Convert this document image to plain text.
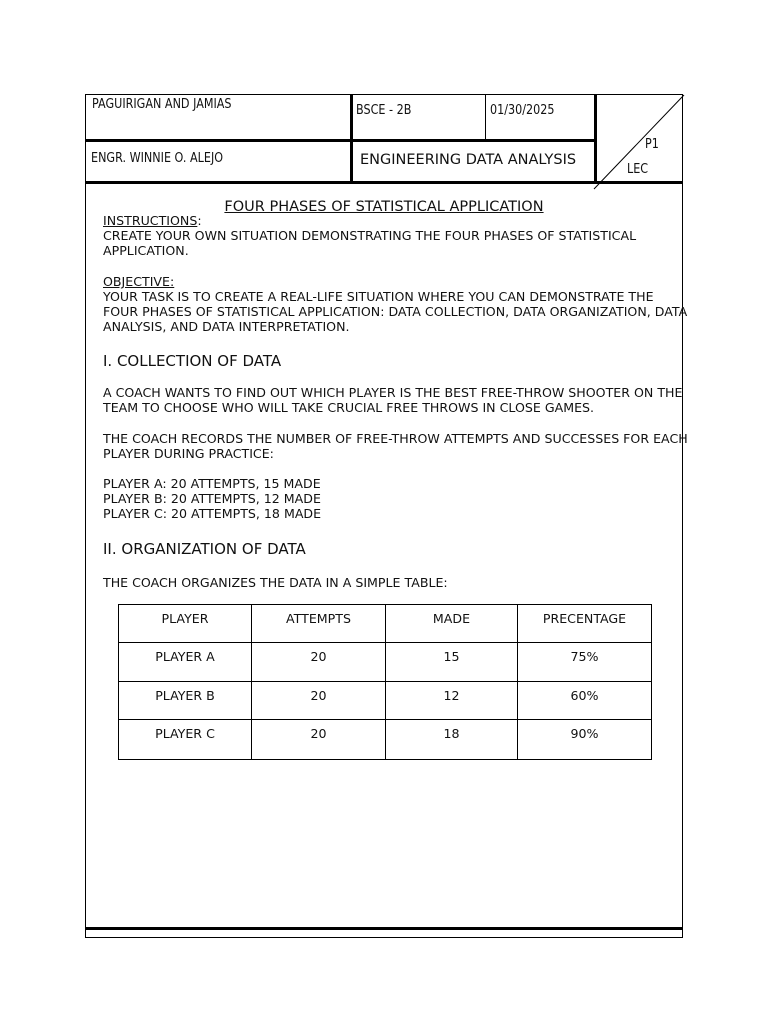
PAGUIRIGAN AND JAMIAS	BSCE - 2B	01/30/2025
ENGR. WINNIE O. ALEJO	ENGINEERING DATA ANALYSIS
P1
LEC
FOUR PHASES OF STATISTICAL APPLICATION
INSTRUCTIONS:
CREATE YOUR OWN SITUATION DEMONSTRATING THE FOUR PHASES OF STATISTICAL
APPLICATION.
OBJECTIVE:
YOUR TASK IS TO CREATE A REAL-LIFE SITUATION WHERE YOU CAN DEMONSTRATE THE
FOUR PHASES OF STATISTICAL APPLICATION: DATA COLLECTION, DATA ORGANIZATION, DATA
ANALYSIS, AND DATA INTERPRETATION.
I. COLLECTION OF DATA
A COACH WANTS TO FIND OUT WHICH PLAYER IS THE BEST FREE-THROW SHOOTER ON THE
TEAM TO CHOOSE WHO WILL TAKE CRUCIAL FREE THROWS IN CLOSE GAMES.
THE COACH RECORDS THE NUMBER OF FREE-THROW ATTEMPTS AND SUCCESSES FOR EACH
PLAYER DURING PRACTICE:
PLAYER A: 20 ATTEMPTS, 15 MADE
PLAYER B: 20 ATTEMPTS, 12 MADE
PLAYER C: 20 ATTEMPTS, 18 MADE
II. ORGANIZATION OF DATA
THE COACH ORGANIZES THE DATA IN A SIMPLE TABLE:
PLAYER	ATTEMPTS	MADE	PRECENTAGE
PLAYER A	20	15	75%
PLAYER B	20	12	60%
PLAYER C	20	18	90%
